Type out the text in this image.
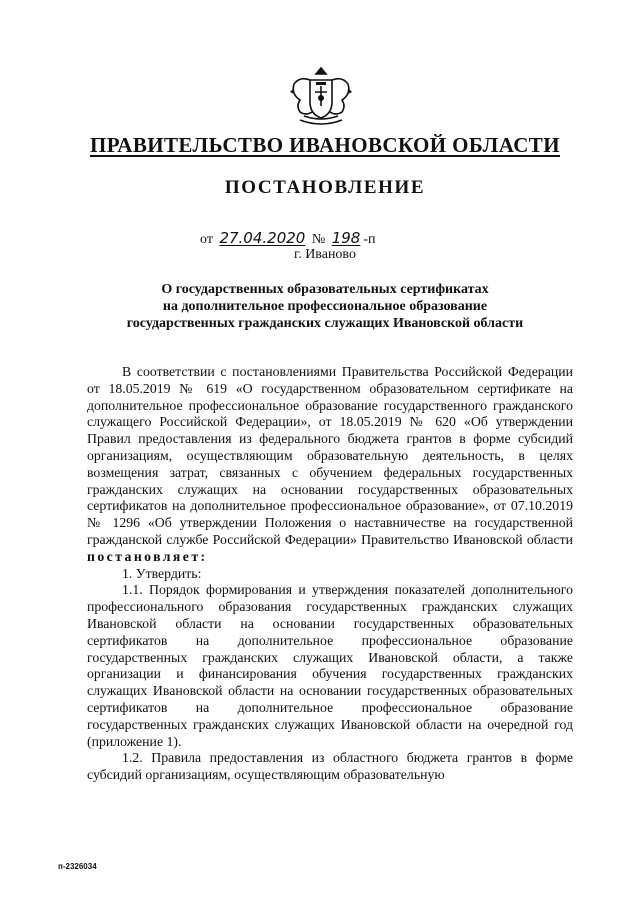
ПРАВИТЕЛЬСТВО ИВАНОВСКОЙ ОБЛАСТИ
ПОСТАНОВЛЕНИЕ
от 27.04.2020 № 198 -п
г. Иваново
О государственных образовательных сертификатах
на дополнительное профессиональное образование
государственных гражданских служащих Ивановской области

В соответствии с постановлениями Правительства Российской Федерации от 18.05.2019 № 619 «О государственном образовательном сертификате на дополнительное профессиональное образование государственного гражданского служащего Российской Федерации», от 18.05.2019 № 620 «Об утверждении Правил предоставления из федерального бюджета грантов в форме субсидий организациям, осуществляющим образовательную деятельность, в целях возмещения затрат, связанных с обучением федеральных государственных гражданских служащих на основании государственных образовательных сертификатов на дополнительное профессиональное образование», от 07.10.2019 № 1296 «Об утверждении Положения о наставничестве на государственной гражданской службе Российской Федерации» Правительство Ивановской области постановляет:

1. Утвердить:

1.1. Порядок формирования и утверждения показателей дополнительного профессионального образования государственных гражданских служащих Ивановской области на основании государственных образовательных сертификатов на дополнительное профессиональное образование государственных гражданских служащих Ивановской области, а также организации и финансирования обучения государственных гражданских служащих Ивановской области на основании государственных образовательных сертификатов на дополнительное профессиональное образование государственных гражданских служащих Ивановской области на очередной год (приложение 1).

1.2. Правила предоставления из областного бюджета грантов в форме субсидий организациям, осуществляющим образовательную

п-2326034
